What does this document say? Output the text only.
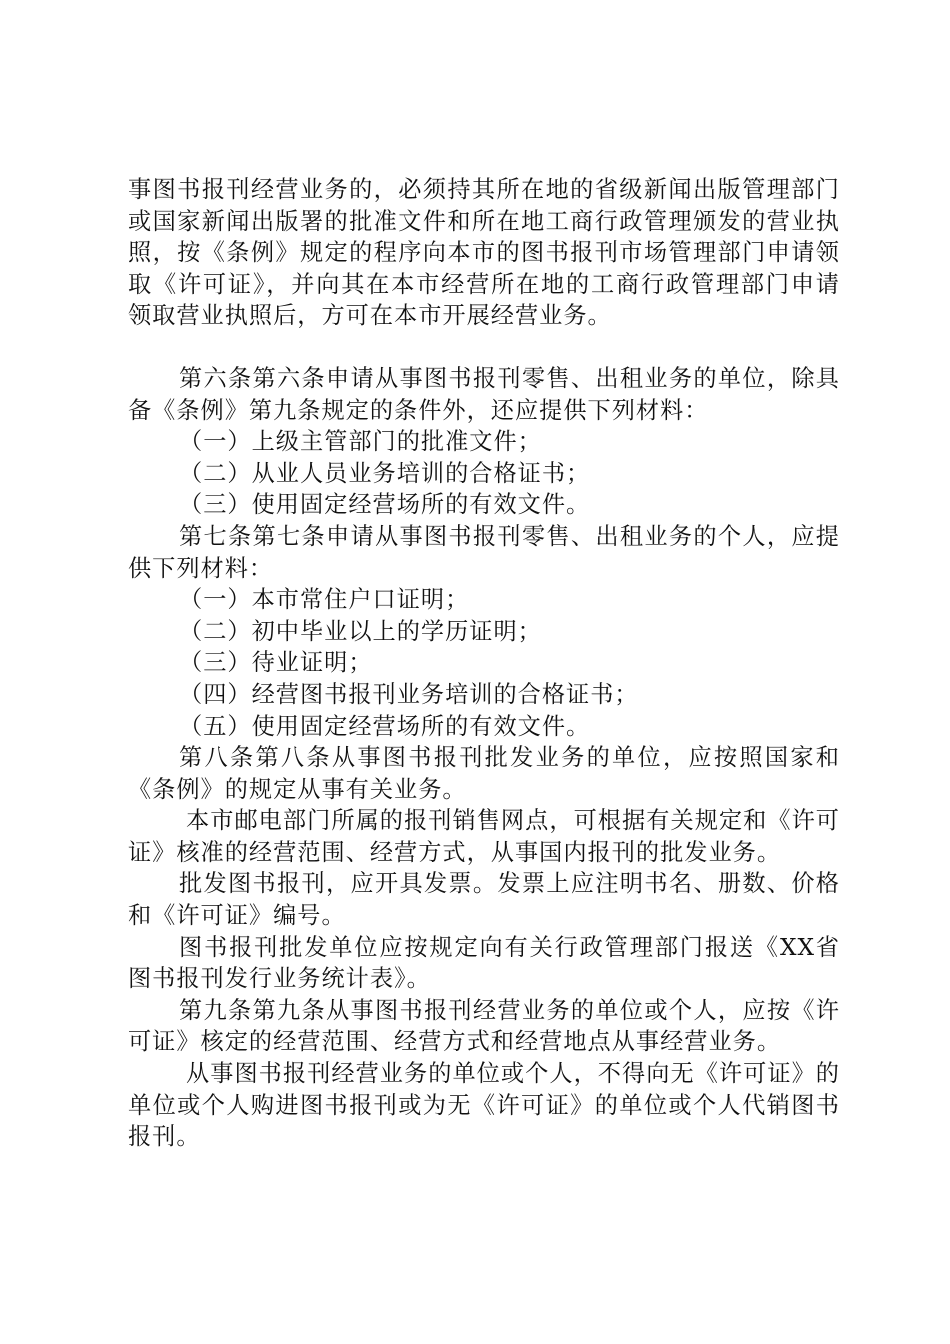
事图书报刊经营业务的，必须持其所在地的省级新闻出版管理部门或国家新闻出版署的批准文件和所在地工商行政管理颁发的营业执照，按《条例》规定的程序向本市的图书报刊市场管理部门申请领取《许可证》，并向其在本市经营所在地的工商行政管理部门申请领取营业执照后，方可在本市开展经营业务。

第六条第六条申请从事图书报刊零售、出租业务的单位，除具备《条例》第九条规定的条件外，还应提供下列材料：

（一）上级主管部门的批准文件；

（二）从业人员业务培训的合格证书；

（三）使用固定经营场所的有效文件。

第七条第七条申请从事图书报刊零售、出租业务的个人，应提供下列材料：

（一）本市常住户口证明；

（二）初中毕业以上的学历证明；

（三）待业证明；

（四）经营图书报刊业务培训的合格证书；

（五）使用固定经营场所的有效文件。

第八条第八条从事图书报刊批发业务的单位，应按照国家和《条例》的规定从事有关业务。

本市邮电部门所属的报刊销售网点，可根据有关规定和《许可证》核准的经营范围、经营方式，从事国内报刊的批发业务。

批发图书报刊，应开具发票。发票上应注明书名、册数、价格和《许可证》编号。

图书报刊批发单位应按规定向有关行政管理部门报送《XX省图书报刊发行业务统计表》。

第九条第九条从事图书报刊经营业务的单位或个人，应按《许可证》核定的经营范围、经营方式和经营地点从事经营业务。

从事图书报刊经营业务的单位或个人，不得向无《许可证》的单位或个人购进图书报刊或为无《许可证》的单位或个人代销图书报刊。
